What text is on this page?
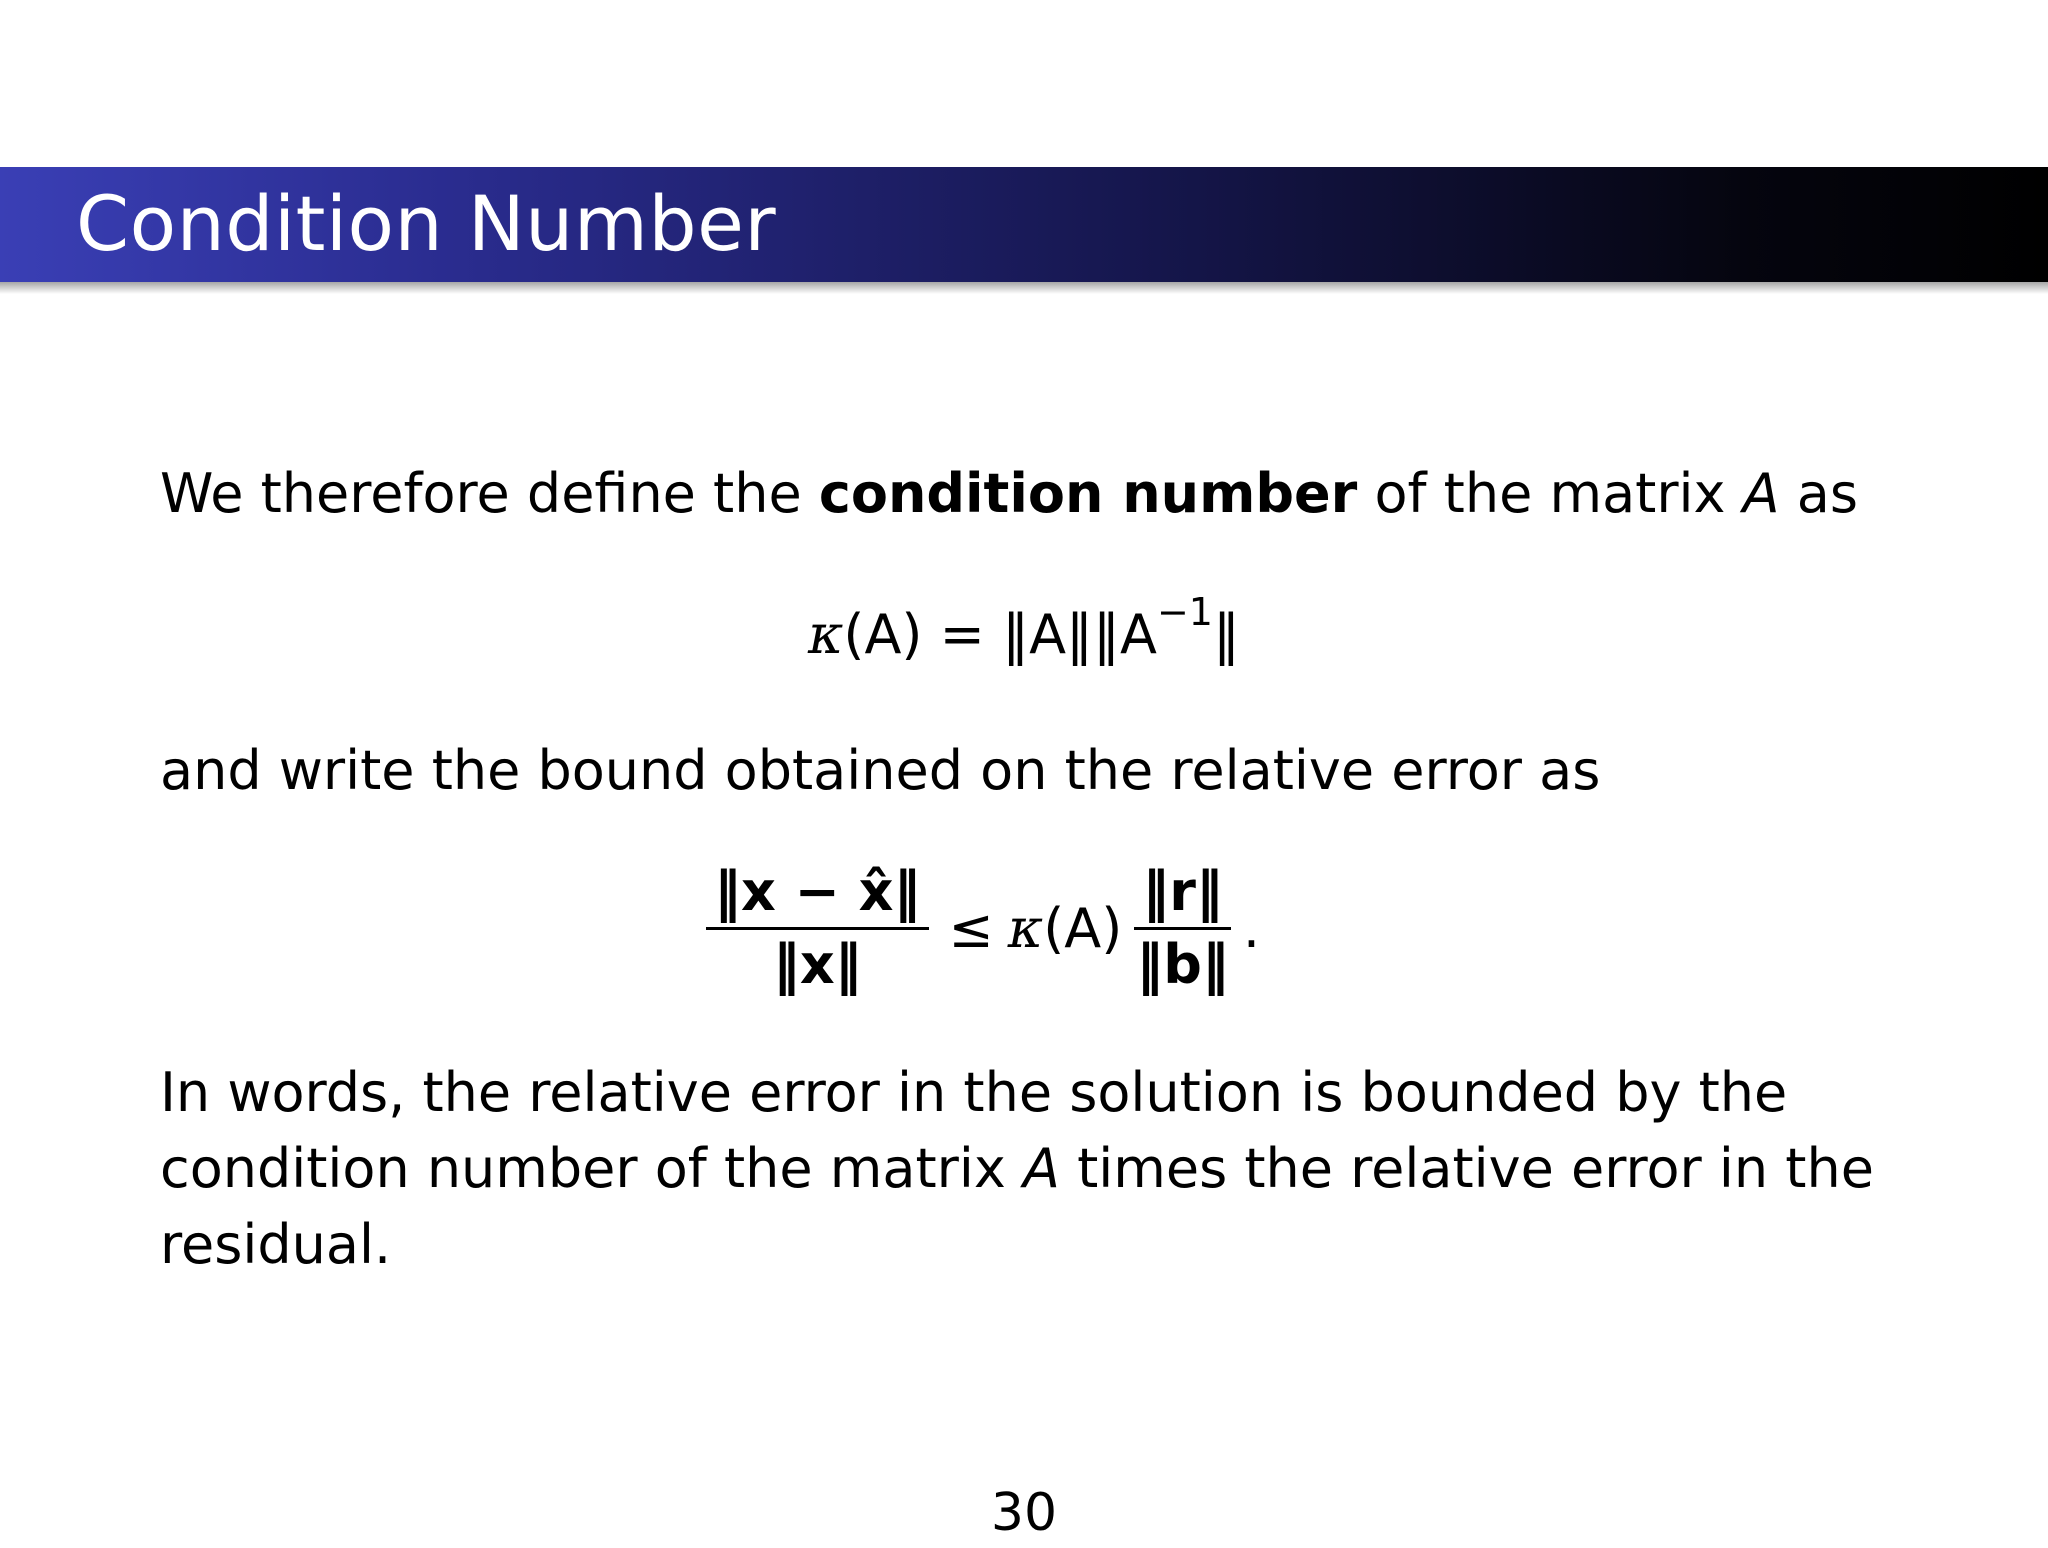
Condition Number
We therefore define the condition number of the matrix A as
$\kappa(A) = ‖A‖‖A^{-1}‖$
and write the bound obtained on the relative error as
$\frac{‖x - x̂‖}{‖x‖} \le \kappa$ $(A) \frac{‖r‖}{‖b‖}$ .
In words, the relative error in the solution is bounded by the condition number of the matrix A times the relative error in the residual.
30
